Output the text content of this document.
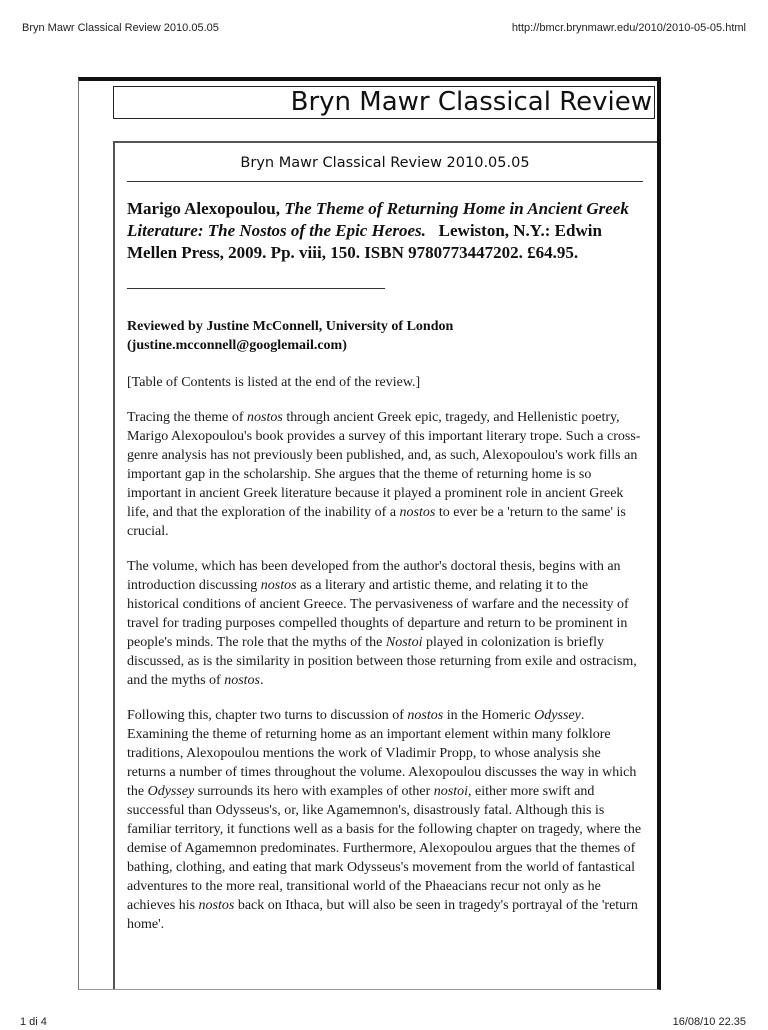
Bryn Mawr Classical Review 2010.05.05	http://bmcr.brynmawr.edu/2010/2010-05-05.html
Bryn Mawr Classical Review
Bryn Mawr Classical Review 2010.05.05
Marigo Alexopoulou, The Theme of Returning Home in Ancient Greek Literature: The Nostos of the Epic Heroes. Lewiston, N.Y.: Edwin Mellen Press, 2009. Pp. viii, 150. ISBN 9780773447202. £64.95.
Reviewed by Justine McConnell, University of London
(justine.mcconnell@googlemail.com)
[Table of Contents is listed at the end of the review.]

Tracing the theme of nostos through ancient Greek epic, tragedy, and Hellenistic poetry, Marigo Alexopoulou's book provides a survey of this important literary trope. Such a cross-genre analysis has not previously been published, and, as such, Alexopoulou's work fills an important gap in the scholarship. She argues that the theme of returning home is so important in ancient Greek literature because it played a prominent role in ancient Greek life, and that the exploration of the inability of a nostos to ever be a 'return to the same' is crucial.

The volume, which has been developed from the author's doctoral thesis, begins with an introduction discussing nostos as a literary and artistic theme, and relating it to the historical conditions of ancient Greece. The pervasiveness of warfare and the necessity of travel for trading purposes compelled thoughts of departure and return to be prominent in people's minds. The role that the myths of the Nostoi played in colonization is briefly discussed, as is the similarity in position between those returning from exile and ostracism, and the myths of nostos.

Following this, chapter two turns to discussion of nostos in the Homeric Odyssey. Examining the theme of returning home as an important element within many folklore traditions, Alexopoulou mentions the work of Vladimir Propp, to whose analysis she returns a number of times throughout the volume. Alexopoulou discusses the way in which the Odyssey surrounds its hero with examples of other nostoi, either more swift and successful than Odysseus's, or, like Agamemnon's, disastrously fatal. Although this is familiar territory, it functions well as a basis for the following chapter on tragedy, where the demise of Agamemnon predominates. Furthermore, Alexopoulou argues that the themes of bathing, clothing, and eating that mark Odysseus's movement from the world of fantastical adventures to the more real, transitional world of the Phaeacians recur not only as he achieves his nostos back on Ithaca, but will also be seen in tragedy's portrayal of the 'return home'.

1 di 4	16/08/10 22.35
